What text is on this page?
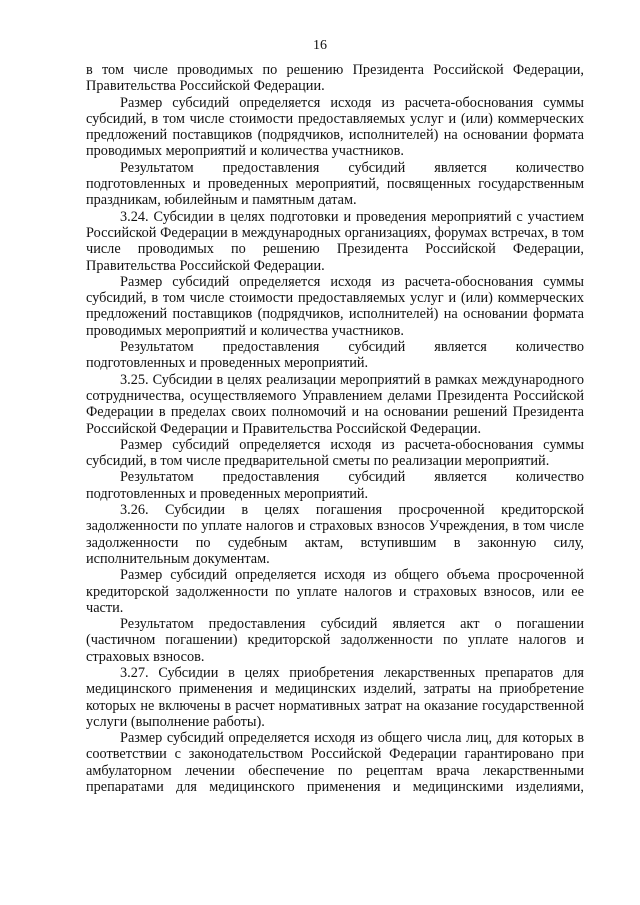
16

в том числе проводимых по решению Президента Российской Федерации, Правительства Российской Федерации.

Размер субсидий определяется исходя из расчета-обоснования суммы субсидий, в том числе стоимости предоставляемых услуг и (или) коммерческих предложений поставщиков (подрядчиков, исполнителей) на основании формата проводимых мероприятий и количества участников.

Результатом предоставления субсидий является количество подготовленных и проведенных мероприятий, посвященных государственным праздникам, юбилейным и памятным датам.

3.24. Субсидии в целях подготовки и проведения мероприятий с участием Российской Федерации в международных организациях, форумах встречах, в том числе проводимых по решению Президента Российской Федерации, Правительства Российской Федерации.

Размер субсидий определяется исходя из расчета-обоснования суммы субсидий, в том числе стоимости предоставляемых услуг и (или) коммерческих предложений поставщиков (подрядчиков, исполнителей) на основании формата проводимых мероприятий и количества участников.

Результатом предоставления субсидий является количество подготовленных и проведенных мероприятий.

3.25. Субсидии в целях реализации мероприятий в рамках международного сотрудничества, осуществляемого Управлением делами Президента Российской Федерации в пределах своих полномочий и на основании решений Президента Российской Федерации и Правительства Российской Федерации.

Размер субсидий определяется исходя из расчета-обоснования суммы субсидий, в том числе предварительной сметы по реализации мероприятий.

Результатом предоставления субсидий является количество подготовленных и проведенных мероприятий.

3.26. Субсидии в целях погашения просроченной кредиторской задолженности по уплате налогов и страховых взносов Учреждения, в том числе задолженности по судебным актам, вступившим в законную силу, исполнительным документам.

Размер субсидий определяется исходя из общего объема просроченной кредиторской задолженности по уплате налогов и страховых взносов, или ее части.

Результатом предоставления субсидий является акт о погашении (частичном погашении) кредиторской задолженности по уплате налогов и страховых взносов.

3.27. Субсидии в целях приобретения лекарственных препаратов для медицинского применения и медицинских изделий, затраты на приобретение которых не включены в расчет нормативных затрат на оказание государственной услуги (выполнение работы).

Размер субсидий определяется исходя из общего числа лиц, для которых в соответствии с законодательством Российской Федерации гарантировано при амбулаторном лечении обеспечение по рецептам врача лекарственными препаратами для медицинского применения и медицинскими изделиями,
